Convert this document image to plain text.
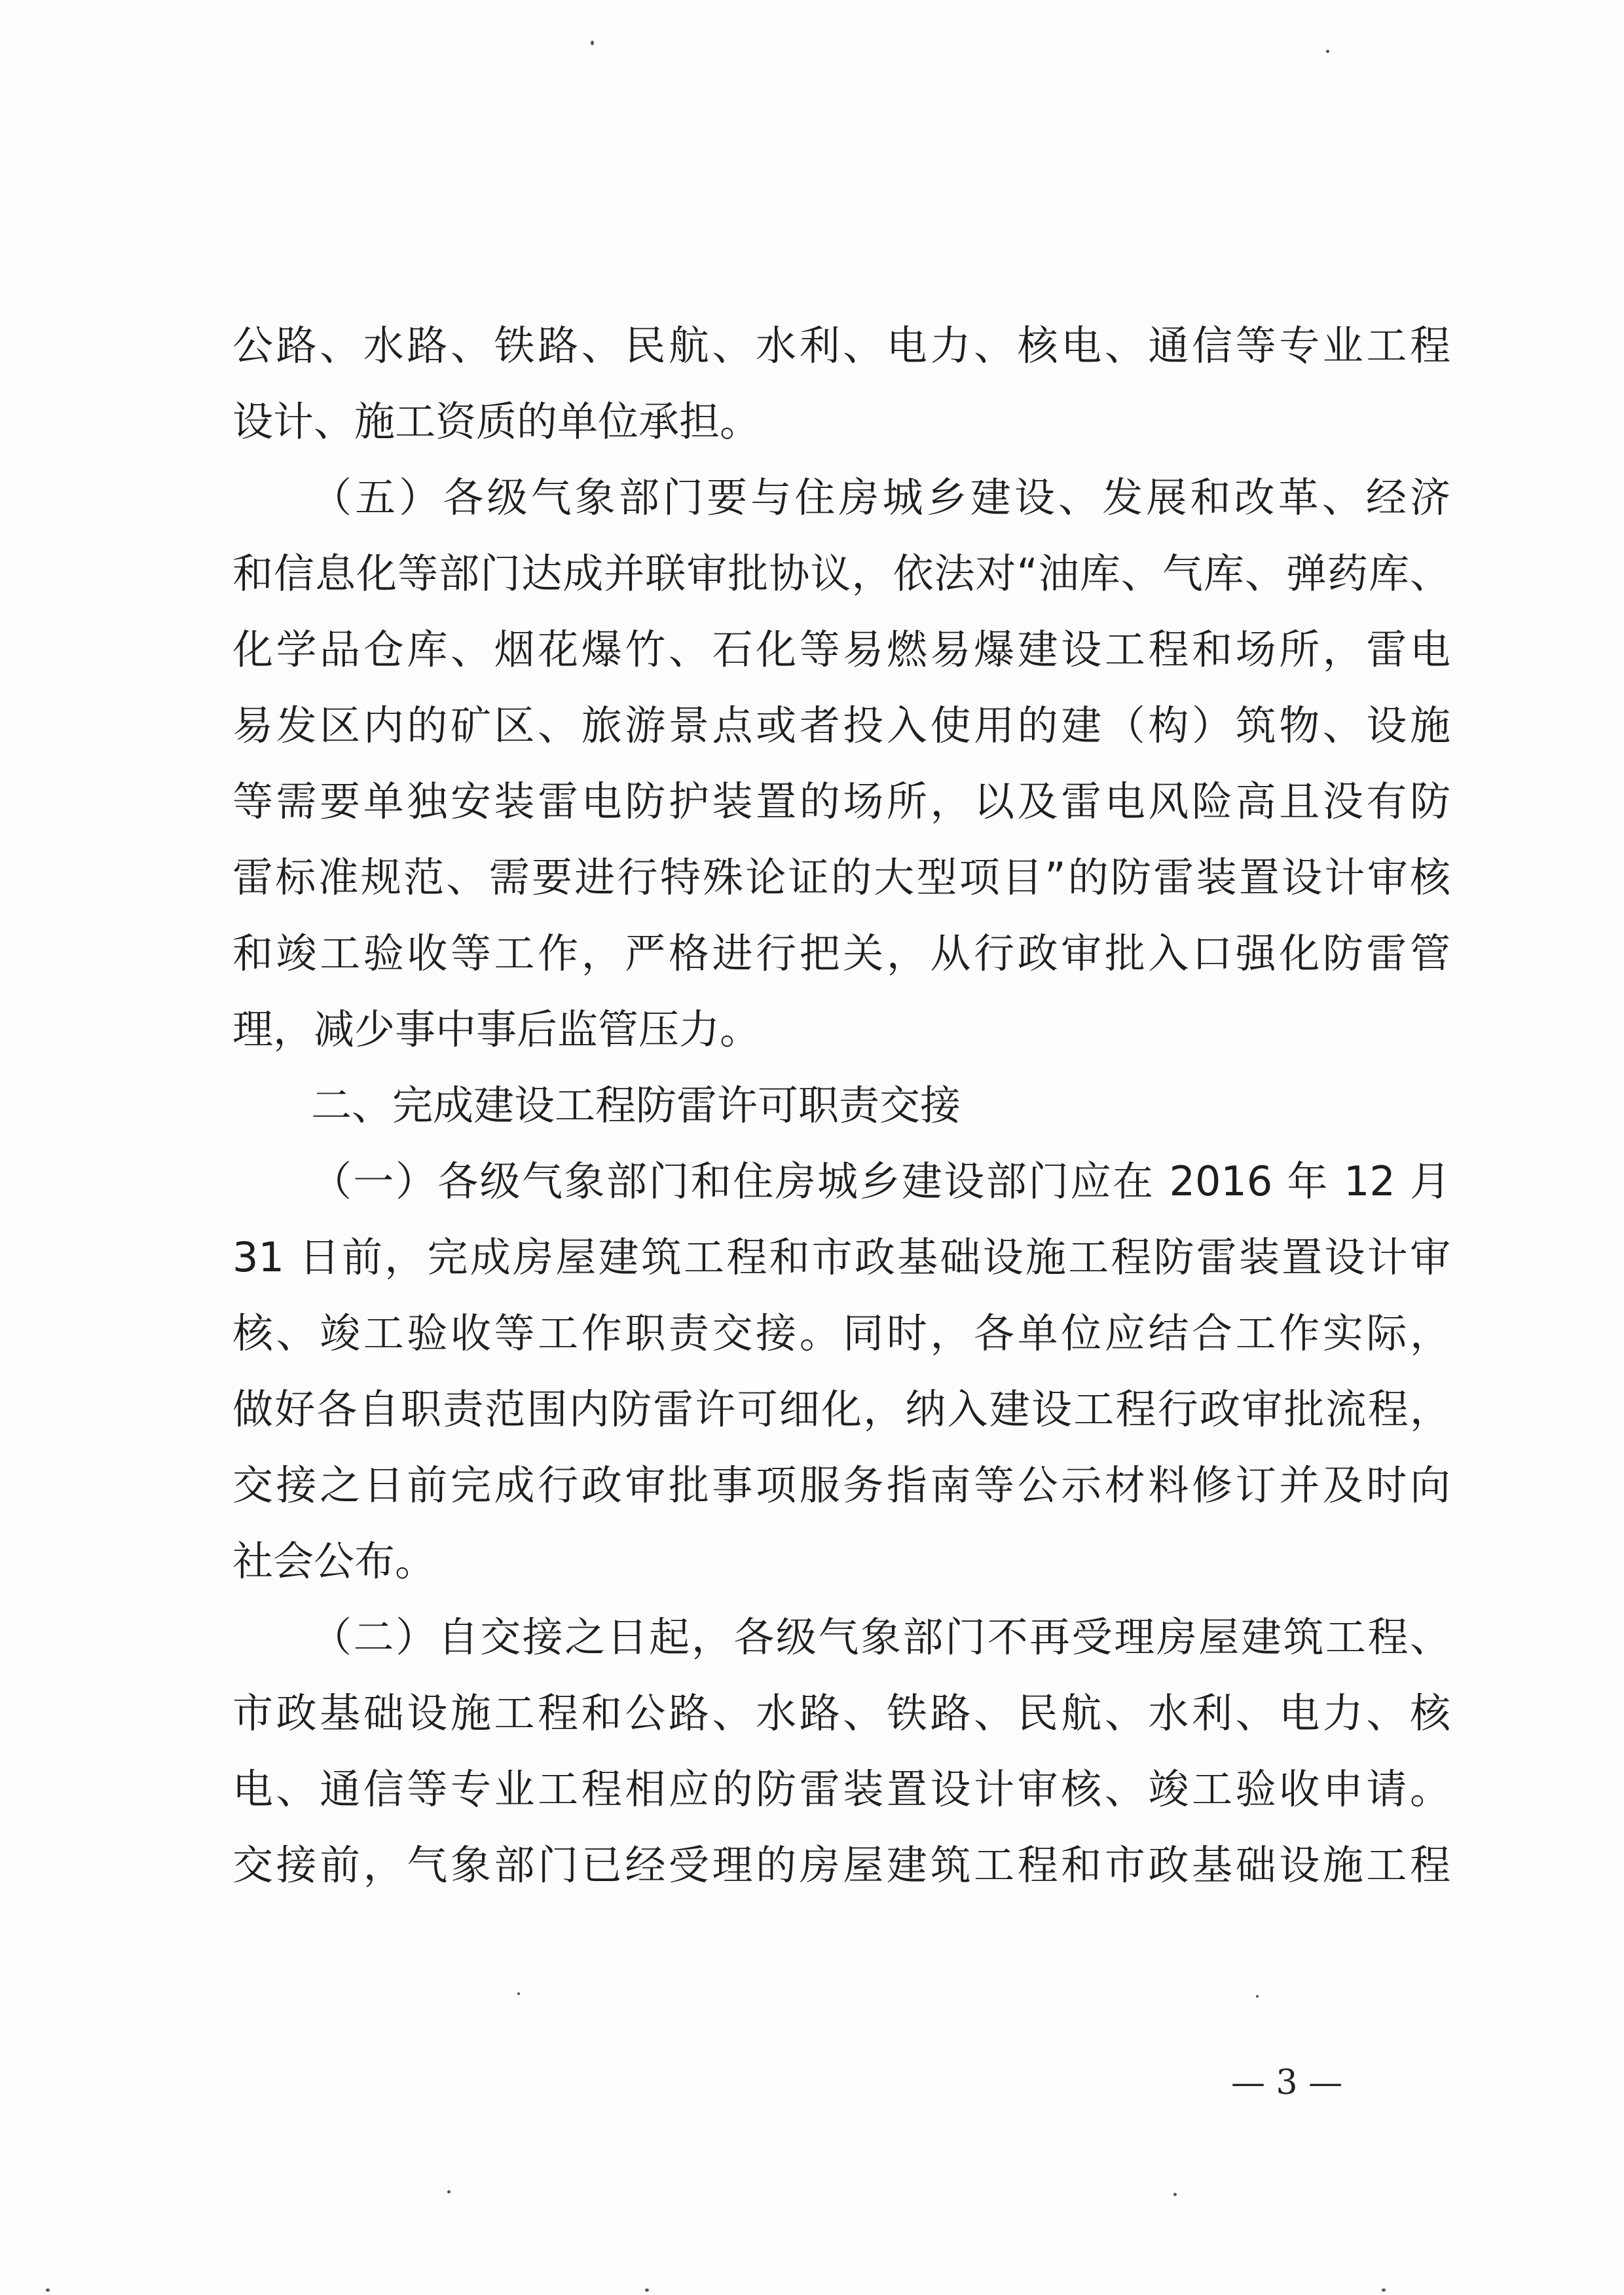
公路、水路、铁路、民航、水利、电力、核电、通信等专业工程
设计、施工资质的单位承担。
（五）各级气象部门要与住房城乡建设、发展和改革、经济
和信息化等部门达成并联审批协议，依法对“油库、气库、弹药库、
化学品仓库、烟花爆竹、石化等易燃易爆建设工程和场所，雷电
易发区内的矿区、旅游景点或者投入使用的建（构）筑物、设施
等需要单独安装雷电防护装置的场所，以及雷电风险高且没有防
雷标准规范、需要进行特殊论证的大型项目”的防雷装置设计审核
和竣工验收等工作，严格进行把关，从行政审批入口强化防雷管
理，减少事中事后监管压力。
二、完成建设工程防雷许可职责交接
（一）各级气象部门和住房城乡建设部门应在 2016 年 12 月
31 日前，完成房屋建筑工程和市政基础设施工程防雷装置设计审
核、竣工验收等工作职责交接。同时，各单位应结合工作实际，
做好各自职责范围内防雷许可细化，纳入建设工程行政审批流程，
交接之日前完成行政审批事项服务指南等公示材料修订并及时向
社会公布。
（二）自交接之日起，各级气象部门不再受理房屋建筑工程、
市政基础设施工程和公路、水路、铁路、民航、水利、电力、核
电、通信等专业工程相应的防雷装置设计审核、竣工验收申请。
交接前，气象部门已经受理的房屋建筑工程和市政基础设施工程
— 3 —
